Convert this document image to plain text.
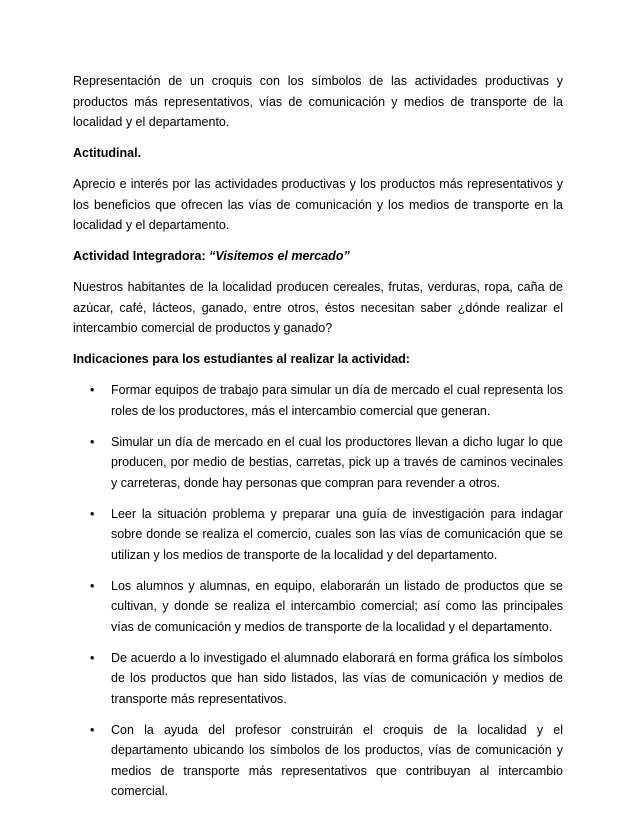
Representación de un croquis con los símbolos de las actividades productivas y productos más representativos, vías de comunicación y medios de transporte de la localidad y el departamento.

Actitudinal.

Aprecio e interés por las actividades productivas y los productos más representativos y los beneficios que ofrecen las vías de comunicación y los medios de transporte en la localidad y el departamento.

Actividad Integradora: “Visitemos el mercado”

Nuestros habitantes de la localidad producen cereales, frutas, verduras, ropa, caña de azúcar, café, lácteos, ganado, entre otros, éstos necesitan saber ¿dónde realizar el intercambio comercial de productos y ganado?

Indicaciones para los estudiantes al realizar la actividad:

• Formar equipos de trabajo para simular un día de mercado el cual representa los roles de los productores, más el intercambio comercial que generan.
• Simular un día de mercado en el cual los productores llevan a dicho lugar lo que producen, por medio de bestias, carretas, pick up a través de caminos vecinales y carreteras, donde hay personas que compran para revender a otros.
• Leer la situación problema y preparar una guía de investigación para indagar sobre donde se realiza el comercio, cuales son las vías de comunicación que se utilizan y los medios de transporte de la localidad y del departamento.
• Los alumnos y alumnas, en equipo, elaborarán un listado de productos que se cultivan, y donde se realiza el intercambio comercial; así como las principales vías de comunicación y medios de transporte de la localidad y el departamento.
• De acuerdo a lo investigado el alumnado elaborará en forma gráfica los símbolos de los productos que han sido listados, las vías de comunicación y medios de transporte más representativos.
• Con la ayuda del profesor construirán el croquis de la localidad y el departamento ubicando los símbolos de los productos, vías de comunicación y medios de transporte más representativos que contribuyan al intercambio comercial.
